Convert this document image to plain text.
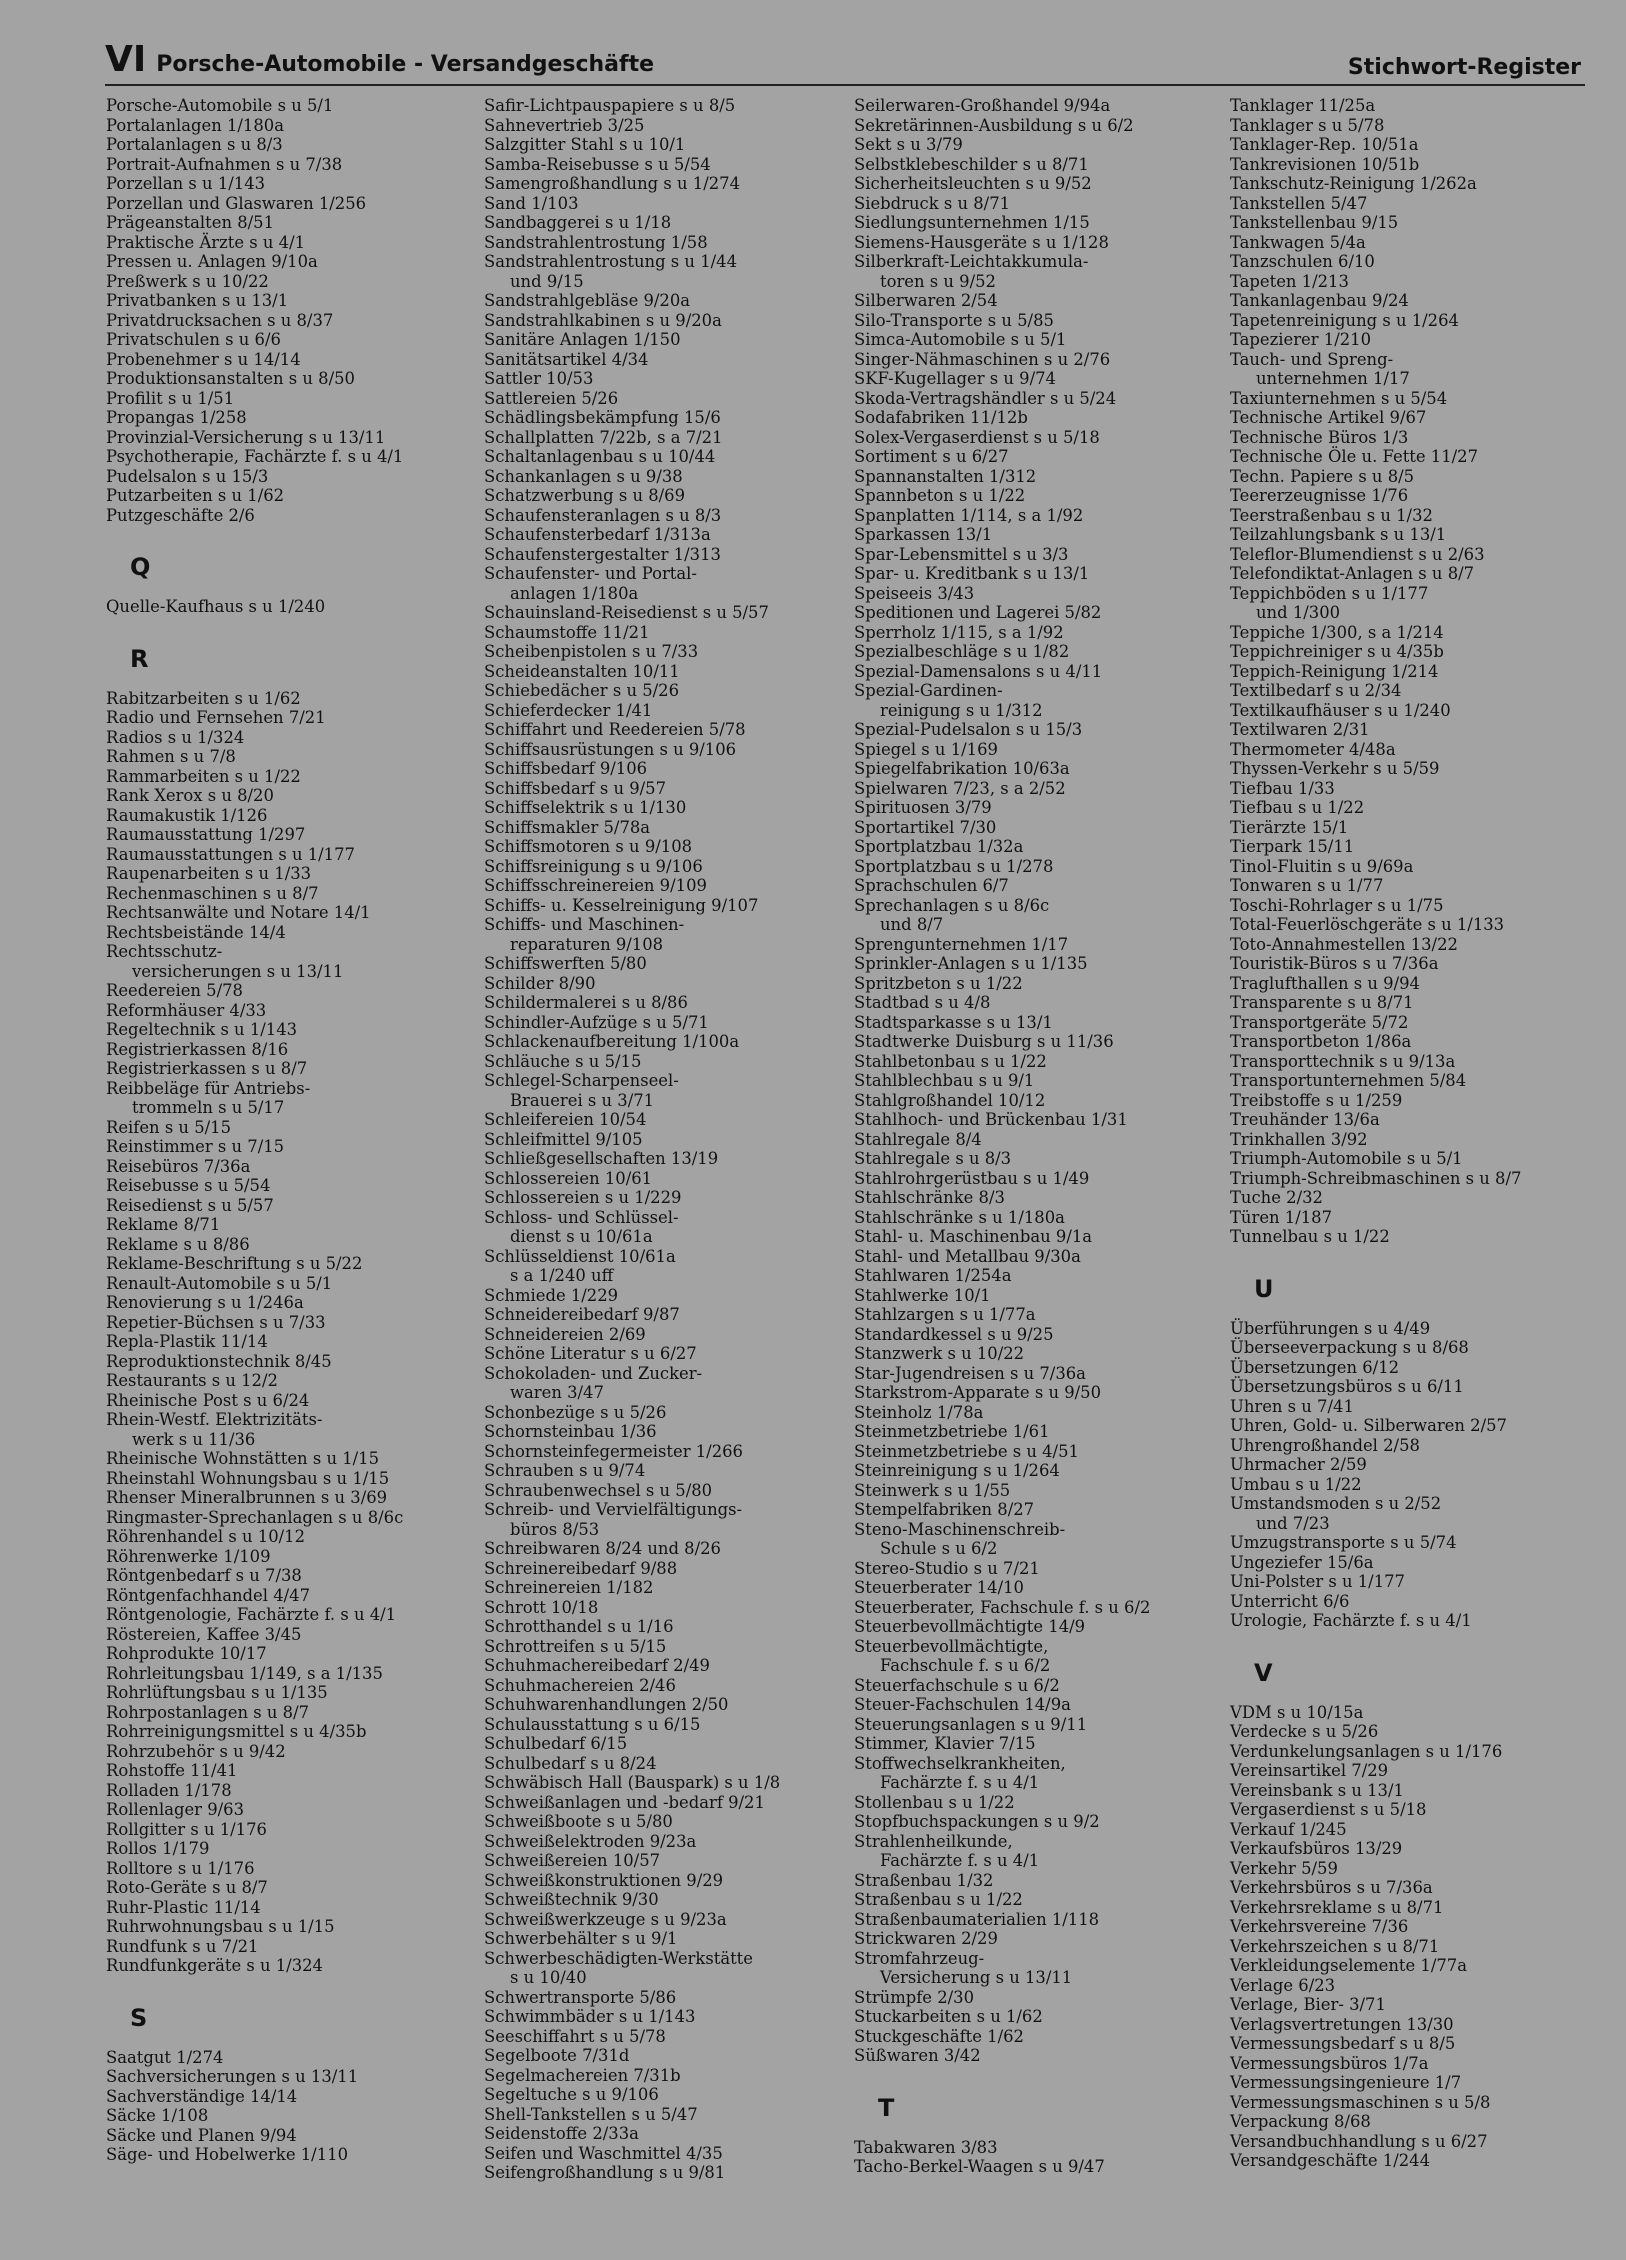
VI Porsche-Automobile - Versandgeschäfte	Stichwort-Register
Porsche-Automobile s u 5/1
Portalanlagen 1/180a
Portalanlagen s u 8/3
Portrait-Aufnahmen s u 7/38
Porzellan s u 1/143
Porzellan und Glaswaren 1/256
Prägeanstalten 8/51
Praktische Ärzte s u 4/1
Pressen u. Anlagen 9/10a
Preßwerk s u 10/22
Privatbanken s u 13/1
Privatdrucksachen s u 8/37
Privatschulen s u 6/6
Probenehmer s u 14/14
Produktionsanstalten s u 8/50
Profilit s u 1/51
Propangas 1/258
Provinzial-Versicherung s u 13/11
Psychotherapie, Fachärzte f. s u 4/1
Pudelsalon s u 15/3
Putzarbeiten s u 1/62
Putzgeschäfte 2/6
Q
Quelle-Kaufhaus s u 1/240
R
Rabitzarbeiten s u 1/62
Radio und Fernsehen 7/21
Radios s u 1/324
Rahmen s u 7/8
Rammarbeiten s u 1/22
Rank Xerox s u 8/20
Raumakustik 1/126
Raumausstattung 1/297
Raumausstattungen s u 1/177
Raupenarbeiten s u 1/33
Rechenmaschinen s u 8/7
Rechtsanwälte und Notare 14/1
Rechtsbeistände 14/4
Rechtsschutz-
versicherungen s u 13/11
Reedereien 5/78
Reformhäuser 4/33
Regeltechnik s u 1/143
Registrierkassen 8/16
Registrierkassen s u 8/7
Reibbeläge für Antriebs-
trommeln s u 5/17
Reifen s u 5/15
Reinstimmer s u 7/15
Reisebüros 7/36a
Reisebusse s u 5/54
Reisedienst s u 5/57
Reklame 8/71
Reklame s u 8/86
Reklame-Beschriftung s u 5/22
Renault-Automobile s u 5/1
Renovierung s u 1/246a
Repetier-Büchsen s u 7/33
Repla-Plastik 11/14
Reproduktionstechnik 8/45
Restaurants s u 12/2
Rheinische Post s u 6/24
Rhein-Westf. Elektrizitäts-
werk s u 11/36
Rheinische Wohnstätten s u 1/15
Rheinstahl Wohnungsbau s u 1/15
Rhenser Mineralbrunnen s u 3/69
Ringmaster-Sprechanlagen s u 8/6c
Röhrenhandel s u 10/12
Röhrenwerke 1/109
Röntgenbedarf s u 7/38
Röntgenfachhandel 4/47
Röntgenologie, Fachärzte f. s u 4/1
Röstereien, Kaffee 3/45
Rohprodukte 10/17
Rohrleitungsbau 1/149, s a 1/135
Rohrlüftungsbau s u 1/135
Rohrpostanlagen s u 8/7
Rohrreinigungsmittel s u 4/35b
Rohrzubehör s u 9/42
Rohstoffe 11/41
Rolladen 1/178
Rollenlager 9/63
Rollgitter s u 1/176
Rollos 1/179
Rolltore s u 1/176
Roto-Geräte s u 8/7
Ruhr-Plastic 11/14
Ruhrwohnungsbau s u 1/15
Rundfunk s u 7/21
Rundfunkgeräte s u 1/324
S
Saatgut 1/274
Sachversicherungen s u 13/11
Sachverständige 14/14
Säcke 1/108
Säcke und Planen 9/94
Säge- und Hobelwerke 1/110
Safir-Lichtpauspapiere s u 8/5
Sahnevertrieb 3/25
Salzgitter Stahl s u 10/1
Samba-Reisebusse s u 5/54
Samengroßhandlung s u 1/274
Sand 1/103
Sandbaggerei s u 1/18
Sandstrahlentrostung 1/58
Sandstrahlentrostung s u 1/44
und 9/15
Sandstrahlgebläse 9/20a
Sandstrahlkabinen s u 9/20a
Sanitäre Anlagen 1/150
Sanitätsartikel 4/34
Sattler 10/53
Sattlereien 5/26
Schädlingsbekämpfung 15/6
Schallplatten 7/22b, s a 7/21
Schaltanlagenbau s u 10/44
Schankanlagen s u 9/38
Schatzwerbung s u 8/69
Schaufensteranlagen s u 8/3
Schaufensterbedarf 1/313a
Schaufenstergestalter 1/313
Schaufenster- und Portal-
anlagen 1/180a
Schauinsland-Reisedienst s u 5/57
Schaumstoffe 11/21
Scheibenpistolen s u 7/33
Scheideanstalten 10/11
Schiebedächer s u 5/26
Schieferdecker 1/41
Schiffahrt und Reedereien 5/78
Schiffsausrüstungen s u 9/106
Schiffsbedarf 9/106
Schiffsbedarf s u 9/57
Schiffselektrik s u 1/130
Schiffsmakler 5/78a
Schiffsmotoren s u 9/108
Schiffsreinigung s u 9/106
Schiffsschreinereien 9/109
Schiffs- u. Kesselreinigung 9/107
Schiffs- und Maschinen-
reparaturen 9/108
Schiffswerften 5/80
Schilder 8/90
Schildermalerei s u 8/86
Schindler-Aufzüge s u 5/71
Schlackenaufbereitung 1/100a
Schläuche s u 5/15
Schlegel-Scharpenseel-
Brauerei s u 3/71
Schleifereien 10/54
Schleifmittel 9/105
Schließgesellschaften 13/19
Schlossereien 10/61
Schlossereien s u 1/229
Schloss- und Schlüssel-
dienst s u 10/61a
Schlüsseldienst 10/61a
s a 1/240 uff
Schmiede 1/229
Schneidereibedarf 9/87
Schneidereien 2/69
Schöne Literatur s u 6/27
Schokoladen- und Zucker-
waren 3/47
Schonbezüge s u 5/26
Schornsteinbau 1/36
Schornsteinfegermeister 1/266
Schrauben s u 9/74
Schraubenwechsel s u 5/80
Schreib- und Vervielfältigungs-
büros 8/53
Schreibwaren 8/24 und 8/26
Schreinereibedarf 9/88
Schreinereien 1/182
Schrott 10/18
Schrotthandel s u 1/16
Schrottreifen s u 5/15
Schuhmachereibedarf 2/49
Schuhmachereien 2/46
Schuhwarenhandlungen 2/50
Schulausstattung s u 6/15
Schulbedarf 6/15
Schulbedarf s u 8/24
Schwäbisch Hall (Bauspark) s u 1/8
Schweißanlagen und -bedarf 9/21
Schweißboote s u 5/80
Schweißelektroden 9/23a
Schweißereien 10/57
Schweißkonstruktionen 9/29
Schweißtechnik 9/30
Schweißwerkzeuge s u 9/23a
Schwerbehälter s u 9/1
Schwerbeschädigten-Werkstätte
s u 10/40
Schwertransporte 5/86
Schwimmbäder s u 1/143
Seeschiffahrt s u 5/78
Segelboote 7/31d
Segelmachereien 7/31b
Segeltuche s u 9/106
Shell-Tankstellen s u 5/47
Seidenstoffe 2/33a
Seifen und Waschmittel 4/35
Seifengroßhandlung s u 9/81
Seilerwaren-Großhandel 9/94a
Sekretärinnen-Ausbildung s u 6/2
Sekt s u 3/79
Selbstklebeschilder s u 8/71
Sicherheitsleuchten s u 9/52
Siebdruck s u 8/71
Siedlungsunternehmen 1/15
Siemens-Hausgeräte s u 1/128
Silberkraft-Leichtakkumula-
toren s u 9/52
Silberwaren 2/54
Silo-Transporte s u 5/85
Simca-Automobile s u 5/1
Singer-Nähmaschinen s u 2/76
SKF-Kugellager s u 9/74
Skoda-Vertragshändler s u 5/24
Sodafabriken 11/12b
Solex-Vergaserdienst s u 5/18
Sortiment s u 6/27
Spannanstalten 1/312
Spannbeton s u 1/22
Spanplatten 1/114, s a 1/92
Sparkassen 13/1
Spar-Lebensmittel s u 3/3
Spar- u. Kreditbank s u 13/1
Speiseeis 3/43
Speditionen und Lagerei 5/82
Sperrholz 1/115, s a 1/92
Spezialbeschläge s u 1/82
Spezial-Damensalons s u 4/11
Spezial-Gardinen-
reinigung s u 1/312
Spezial-Pudelsalon s u 15/3
Spiegel s u 1/169
Spiegelfabrikation 10/63a
Spielwaren 7/23, s a 2/52
Spirituosen 3/79
Sportartikel 7/30
Sportplatzbau 1/32a
Sportplatzbau s u 1/278
Sprachschulen 6/7
Sprechanlagen s u 8/6c
und 8/7
Sprengunternehmen 1/17
Sprinkler-Anlagen s u 1/135
Spritzbeton s u 1/22
Stadtbad s u 4/8
Stadtsparkasse s u 13/1
Stadtwerke Duisburg s u 11/36
Stahlbetonbau s u 1/22
Stahlblechbau s u 9/1
Stahlgroßhandel 10/12
Stahlhoch- und Brückenbau 1/31
Stahlregale 8/4
Stahlregale s u 8/3
Stahlrohrgerüstbau s u 1/49
Stahlschränke 8/3
Stahlschränke s u 1/180a
Stahl- u. Maschinenbau 9/1a
Stahl- und Metallbau 9/30a
Stahlwaren 1/254a
Stahlwerke 10/1
Stahlzargen s u 1/77a
Standardkessel s u 9/25
Stanzwerk s u 10/22
Star-Jugendreisen s u 7/36a
Starkstrom-Apparate s u 9/50
Steinholz 1/78a
Steinmetzbetriebe 1/61
Steinmetzbetriebe s u 4/51
Steinreinigung s u 1/264
Steinwerk s u 1/55
Stempelfabriken 8/27
Steno-Maschinenschreib-
Schule s u 6/2
Stereo-Studio s u 7/21
Steuerberater 14/10
Steuerberater, Fachschule f. s u 6/2
Steuerbevollmächtigte 14/9
Steuerbevollmächtigte,
Fachschule f. s u 6/2
Steuerfachschule s u 6/2
Steuer-Fachschulen 14/9a
Steuerungsanlagen s u 9/11
Stimmer, Klavier 7/15
Stoffwechselkrankheiten,
Fachärzte f. s u 4/1
Stollenbau s u 1/22
Stopfbuchspackungen s u 9/2
Strahlenheilkunde,
Fachärzte f. s u 4/1
Straßenbau 1/32
Straßenbau s u 1/22
Straßenbaumaterialien 1/118
Strickwaren 2/29
Stromfahrzeug-
Versicherung s u 13/11
Strümpfe 2/30
Stuckarbeiten s u 1/62
Stuckgeschäfte 1/62
Süßwaren 3/42
T
Tabakwaren 3/83
Tacho-Berkel-Waagen s u 9/47
Tanklager 11/25a
Tanklager s u 5/78
Tanklager-Rep. 10/51a
Tankrevisionen 10/51b
Tankschutz-Reinigung 1/262a
Tankstellen 5/47
Tankstellenbau 9/15
Tankwagen 5/4a
Tanzschulen 6/10
Tapeten 1/213
Tankanlagenbau 9/24
Tapetenreinigung s u 1/264
Tapezierer 1/210
Tauch- und Spreng-
unternehmen 1/17
Taxiunternehmen s u 5/54
Technische Artikel 9/67
Technische Büros 1/3
Technische Öle u. Fette 11/27
Techn. Papiere s u 8/5
Teererzeugnisse 1/76
Teerstraßenbau s u 1/32
Teilzahlungsbank s u 13/1
Teleflor-Blumendienst s u 2/63
Telefondiktat-Anlagen s u 8/7
Teppichböden s u 1/177
und 1/300
Teppiche 1/300, s a 1/214
Teppichreiniger s u 4/35b
Teppich-Reinigung 1/214
Textilbedarf s u 2/34
Textilkaufhäuser s u 1/240
Textilwaren 2/31
Thermometer 4/48a
Thyssen-Verkehr s u 5/59
Tiefbau 1/33
Tiefbau s u 1/22
Tierärzte 15/1
Tierpark 15/11
Tinol-Fluitin s u 9/69a
Tonwaren s u 1/77
Toschi-Rohrlager s u 1/75
Total-Feuerlöschgeräte s u 1/133
Toto-Annahmestellen 13/22
Touristik-Büros s u 7/36a
Traglufthallen s u 9/94
Transparente s u 8/71
Transportgeräte 5/72
Transportbeton 1/86a
Transporttechnik s u 9/13a
Transportunternehmen 5/84
Treibstoffe s u 1/259
Treuhänder 13/6a
Trinkhallen 3/92
Triumph-Automobile s u 5/1
Triumph-Schreibmaschinen s u 8/7
Tuche 2/32
Türen 1/187
Tunnelbau s u 1/22
U
Überführungen s u 4/49
Überseeverpackung s u 8/68
Übersetzungen 6/12
Übersetzungsbüros s u 6/11
Uhren s u 7/41
Uhren, Gold- u. Silberwaren 2/57
Uhrengroßhandel 2/58
Uhrmacher 2/59
Umbau s u 1/22
Umstandsmoden s u 2/52
und 7/23
Umzugstransporte s u 5/74
Ungeziefer 15/6a
Uni-Polster s u 1/177
Unterricht 6/6
Urologie, Fachärzte f. s u 4/1
V
VDM s u 10/15a
Verdecke s u 5/26
Verdunkelungsanlagen s u 1/176
Vereinsartikel 7/29
Vereinsbank s u 13/1
Vergaserdienst s u 5/18
Verkauf 1/245
Verkaufsbüros 13/29
Verkehr 5/59
Verkehrsbüros s u 7/36a
Verkehrsreklame s u 8/71
Verkehrsvereine 7/36
Verkehrszeichen s u 8/71
Verkleidungselemente 1/77a
Verlage 6/23
Verlage, Bier- 3/71
Verlagsvertretungen 13/30
Vermessungsbedarf s u 8/5
Vermessungsbüros 1/7a
Vermessungsingenieure 1/7
Vermessungsmaschinen s u 5/8
Verpackung 8/68
Versandbuchhandlung s u 6/27
Versandgeschäfte 1/244
